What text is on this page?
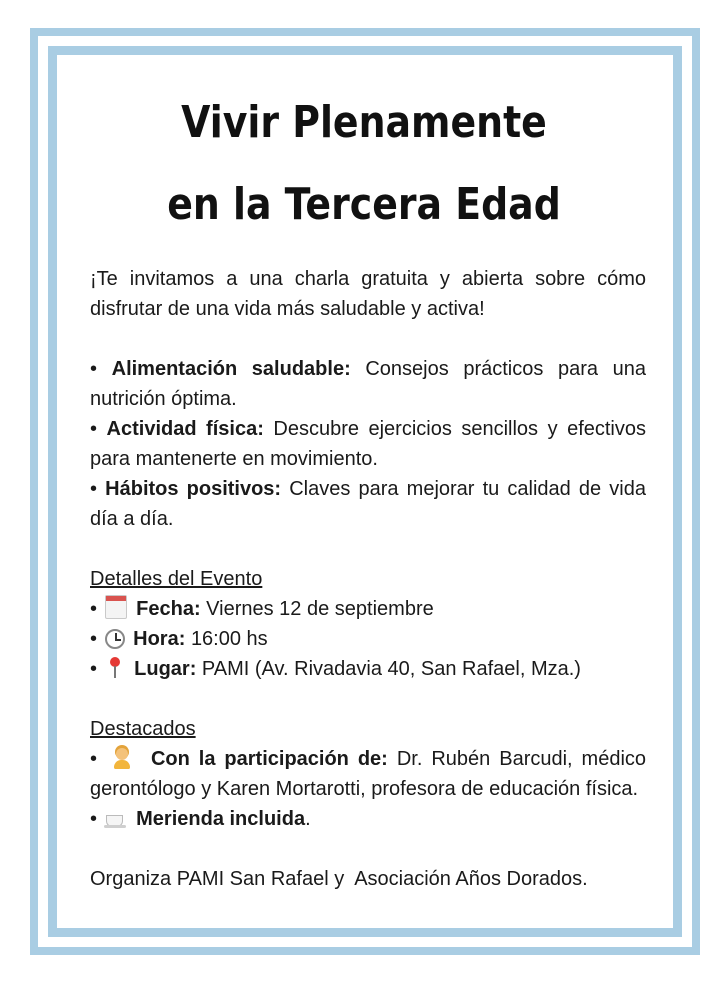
Vivir Plenamente
en la Tercera Edad

¡Te invitamos a una charla gratuita y abierta sobre cómo disfrutar de una vida más saludable y activa!

• Alimentación saludable: Consejos prácticos para una nutrición óptima.

• Actividad física: Descubre ejercicios sencillos y efectivos para mantenerte en movimiento.

• Hábitos positivos: Claves para mejorar tu calidad de vida día a día.

Detalles del Evento

• Fecha: Viernes 12 de septiembre

• Hora: 16:00 hs

• Lugar: PAMI (Av. Rivadavia 40, San Rafael, Mza.)

Destacados

•	Con la participación de: Dr. Rubén Barcudi, médico gerontólogo y Karen Mortarotti, profesora de educación física.

• Merienda incluida.

Organiza PAMI San Rafael y  Asociación Años Dorados.
